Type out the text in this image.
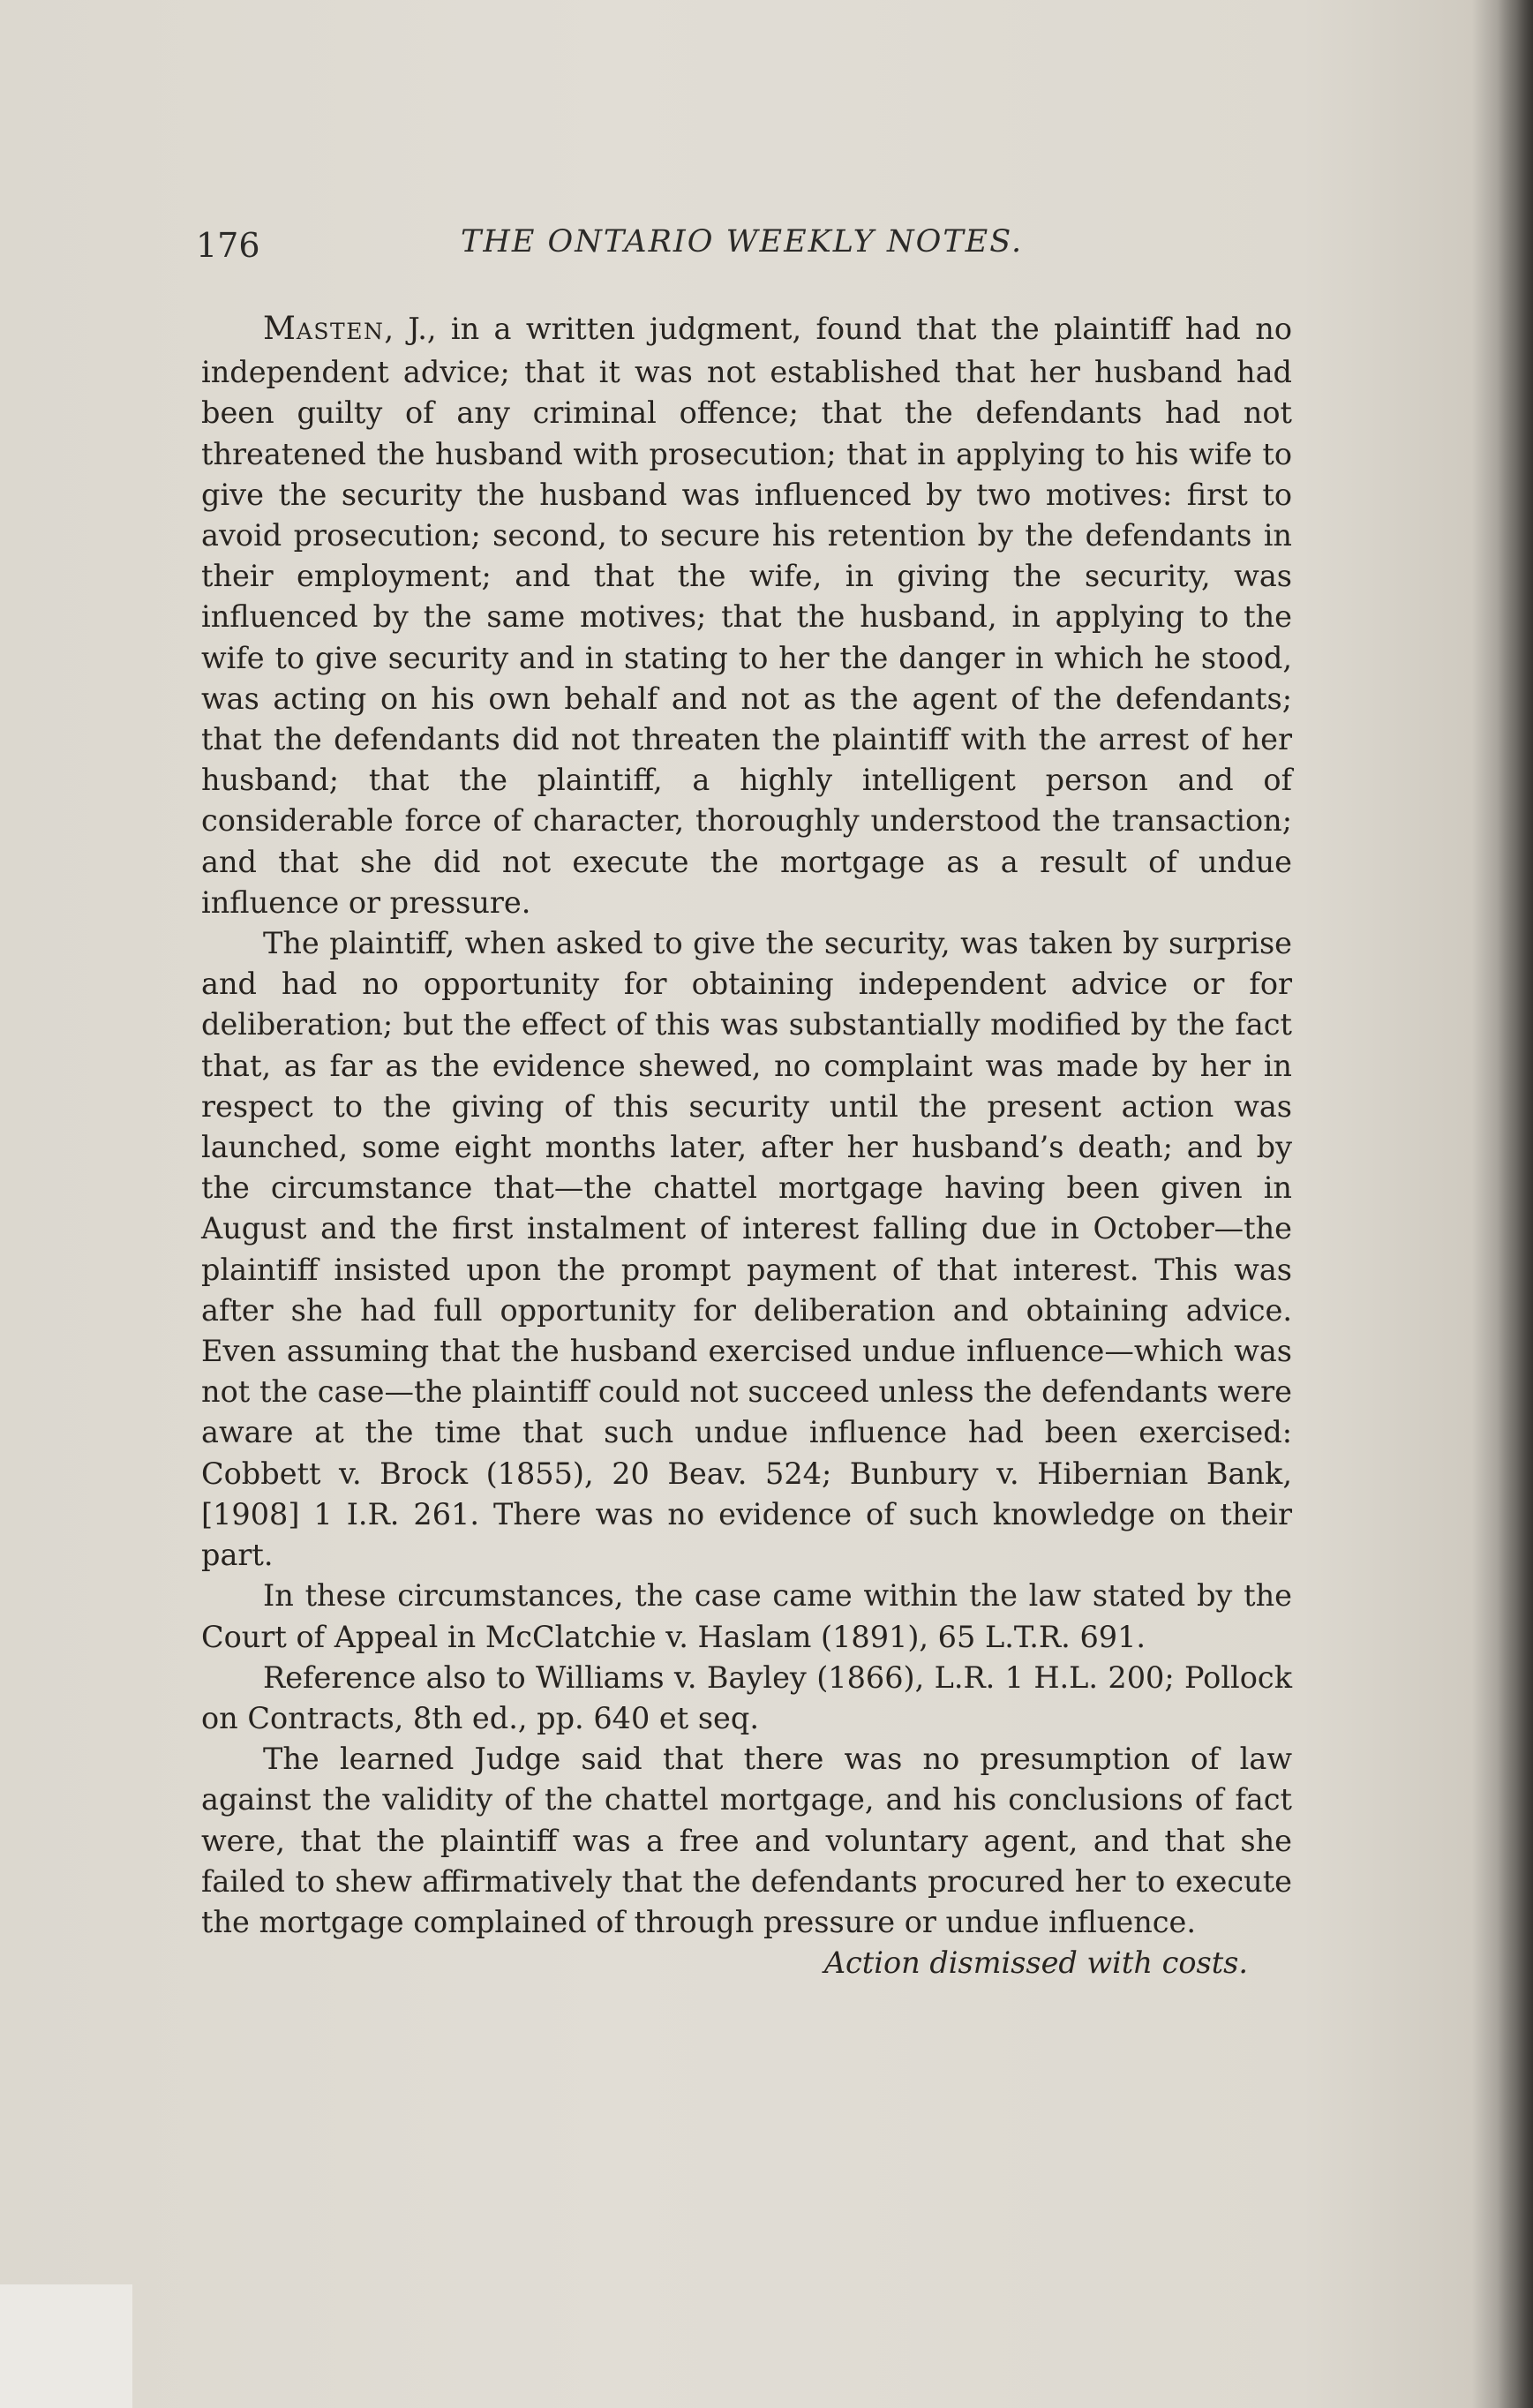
176	THE ONTARIO WEEKLY NOTES.

MASTEN, J., in a written judgment, found that the plaintiff had no independent advice; that it was not established that her husband had been guilty of any criminal offence; that the defendants had not threatened the husband with prosecution; that in applying to his wife to give the security the husband was influenced by two motives: first to avoid prosecution; second, to secure his retention by the defendants in their employment; and that the wife, in giving the security, was influenced by the same motives; that the husband, in applying to the wife to give security and in stating to her the danger in which he stood, was acting on his own behalf and not as the agent of the defendants; that the defendants did not threaten the plaintiff with the arrest of her husband; that the plaintiff, a highly intelligent person and of considerable force of character, thoroughly understood the transaction; and that she did not execute the mortgage as a result of undue influence or pressure.

The plaintiff, when asked to give the security, was taken by surprise and had no opportunity for obtaining independent advice or for deliberation; but the effect of this was substantially modified by the fact that, as far as the evidence shewed, no complaint was made by her in respect to the giving of this security until the present action was launched, some eight months later, after her husband’s death; and by the circumstance that—the chattel mortgage having been given in August and the first instalment of interest falling due in October—the plaintiff insisted upon the prompt payment of that interest. This was after she had full opportunity for deliberation and obtaining advice. Even assuming that the husband exercised undue influence—which was not the case—the plaintiff could not succeed unless the defendants were aware at the time that such undue influence had been exercised: Cobbett v. Brock (1855), 20 Beav. 524; Bunbury v. Hibernian Bank, [1908] 1 I.R. 261. There was no evidence of such knowledge on their part.

In these circumstances, the case came within the law stated by the Court of Appeal in McClatchie v. Haslam (1891), 65 L.T.R. 691.

Reference also to Williams v. Bayley (1866), L.R. 1 H.L. 200; Pollock on Contracts, 8th ed., pp. 640 et seq.

The learned Judge said that there was no presumption of law against the validity of the chattel mortgage, and his conclusions of fact were, that the plaintiff was a free and voluntary agent, and that she failed to shew affirmatively that the defendants procured her to execute the mortgage complained of through pressure or undue influence.

Action dismissed with costs.
